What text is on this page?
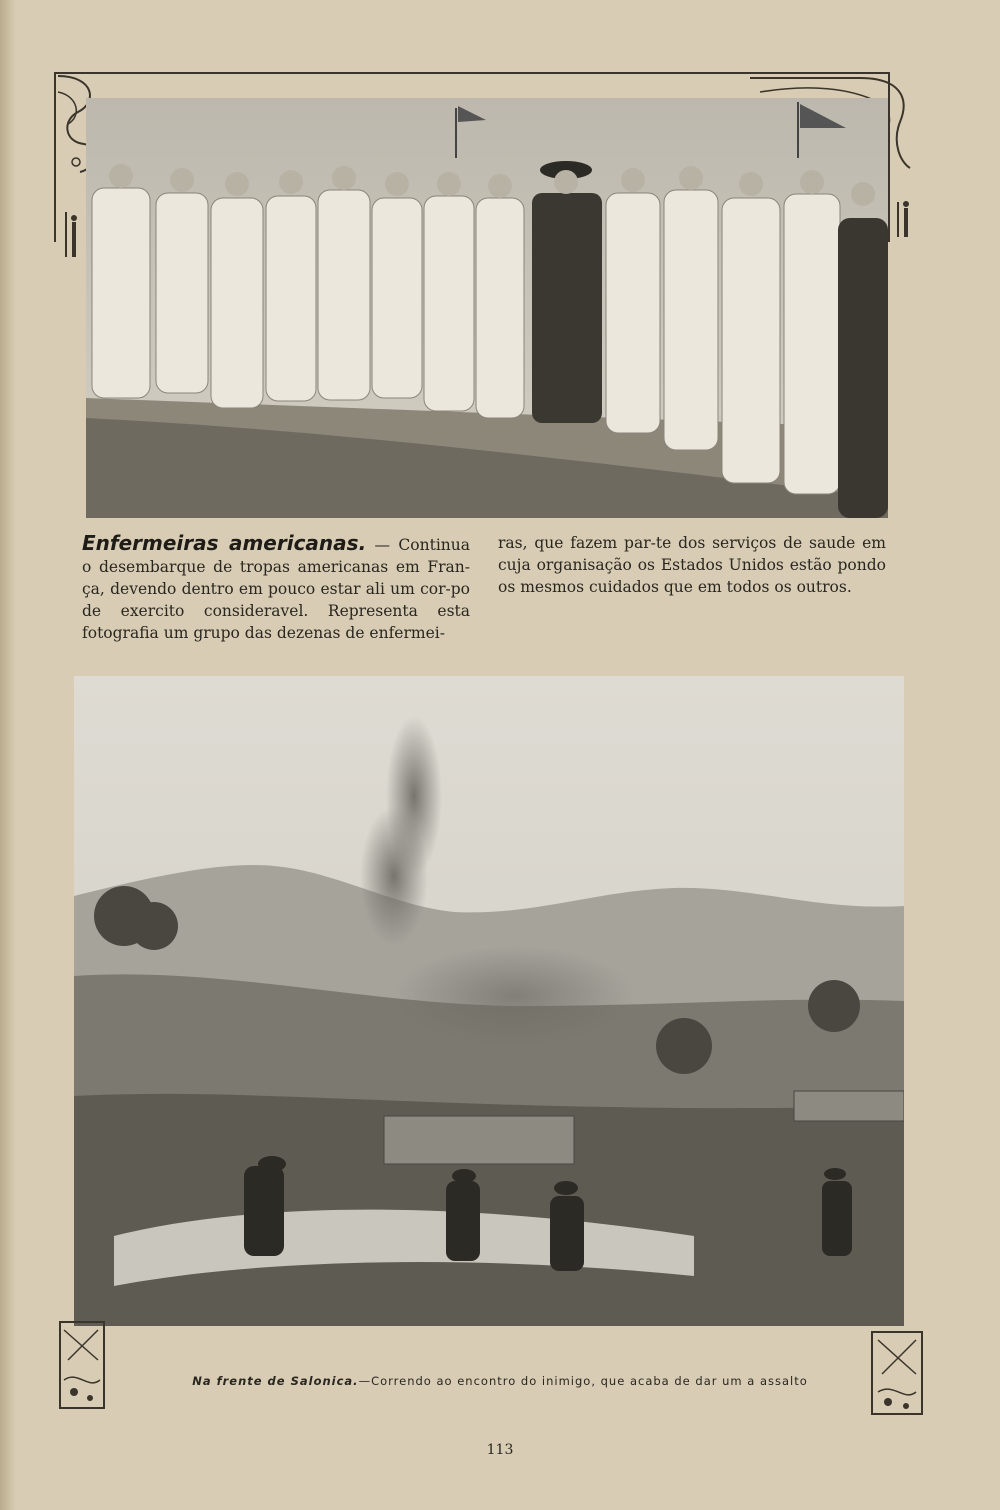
Enfermeiras americanas. — Continua o desembarque de tropas americanas em Fran-ça, devendo dentro em pouco estar ali um cor-po de exercito consideravel. Representa esta fotografia um grupo das dezenas de enfermei-
ras, que fazem par-te dos serviços de saude em cuja organisação os Estados Unidos estão pondo os mesmos cuidados que em todos os outros.
Na frente de Salonica.—Correndo ao encontro do inimigo, que acaba de dar um a assalto
113
